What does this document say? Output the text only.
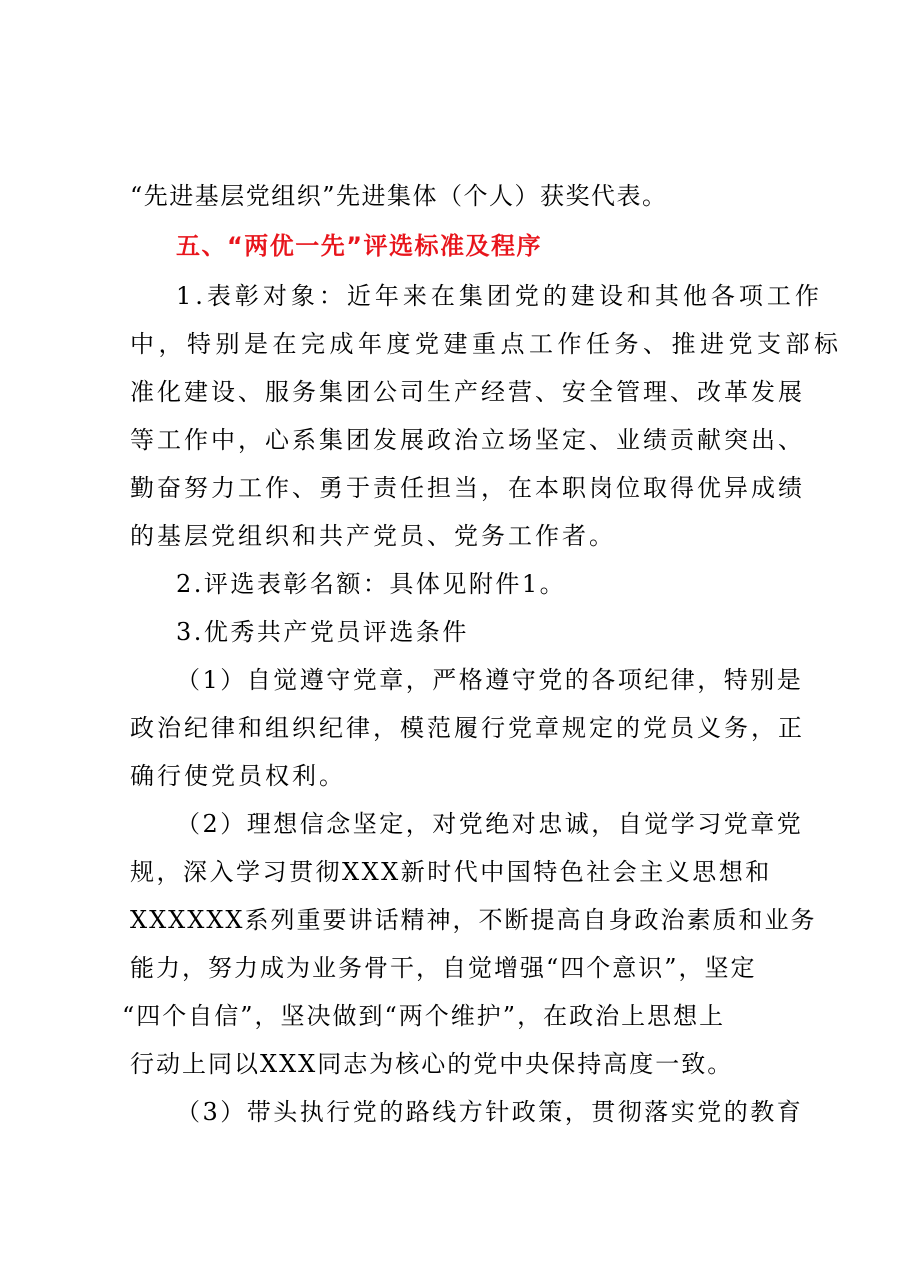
“先进基层党组织”先进集体（个人）获奖代表。
五、“两优一先”评选标准及程序
1.表彰对象：近年来在集团党的建设和其他各项工作
中，特别是在完成年度党建重点工作任务、推进党支部标
准化建设、服务集团公司生产经营、安全管理、改革发展
等工作中，心系集团发展政治立场坚定、业绩贡献突出、
勤奋努力工作、勇于责任担当，在本职岗位取得优异成绩
的基层党组织和共产党员、党务工作者。
2.评选表彰名额：具体见附件1。
3.优秀共产党员评选条件
（1）自觉遵守党章，严格遵守党的各项纪律，特别是
政治纪律和组织纪律，模范履行党章规定的党员义务，正
确行使党员权利。
（2）理想信念坚定，对党绝对忠诚，自觉学习党章党
规，深入学习贯彻XXX新时代中国特色社会主义思想和
XXXXXX系列重要讲话精神，不断提高自身政治素质和业务
能力，努力成为业务骨干，自觉增强“四个意识”，坚定
“四个自信”，坚决做到“两个维护”，在政治上思想上
行动上同以XXX同志为核心的党中央保持高度一致。
（3）带头执行党的路线方针政策，贯彻落实党的教育
